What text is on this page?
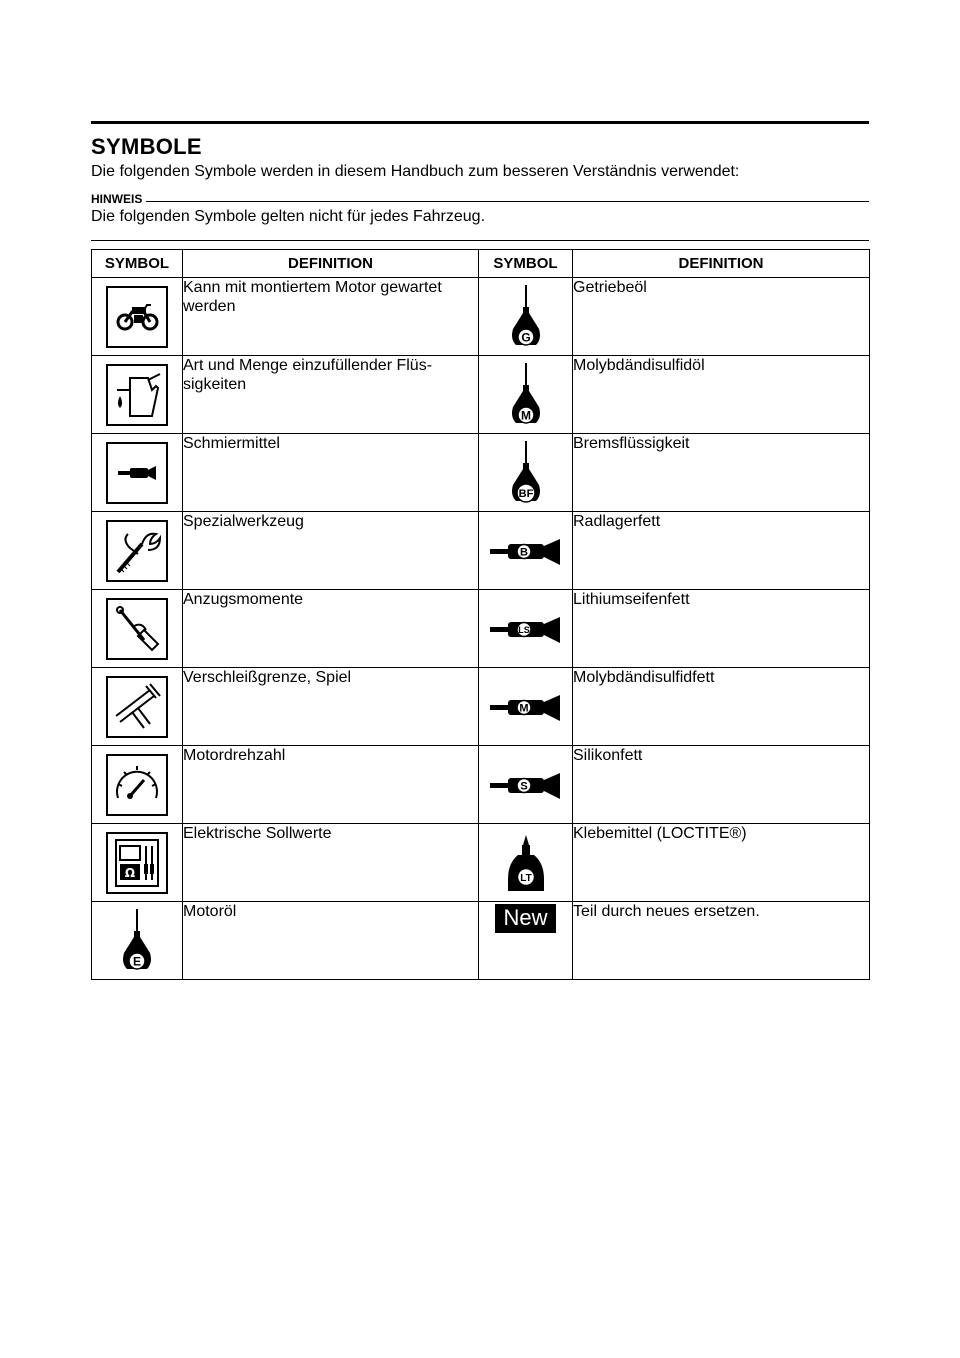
SYMBOLE

Die folgenden Symbole werden in diesem Handbuch zum besseren Verständnis verwendet:

HINWEIS

Die folgenden Symbole gelten nicht für jedes Fahrzeug.

SYMBOL	DEFINITION	SYMBOL	DEFINITION

	Kann mit montiertem Motor gewartet werden	G	Getriebeöl

	Art und Menge einzufüllender Flüs-sigkeiten	M	Molybdändisulfidöl

	Schmiermittel	BF	Bremsflüssigkeit

	Spezialwerkzeug	B	Radlagerfett

	Anzugsmomente	LS	Lithiumseifenfett

	Verschleißgrenze, Spiel	M	Molybdändisulfidfett

	Motordrehzahl	S	Silikonfett

Ω	Elektrische Sollwerte	LT	Klebemittel (LOCTITE®)

E	Motoröl	New	Teil durch neues ersetzen.
